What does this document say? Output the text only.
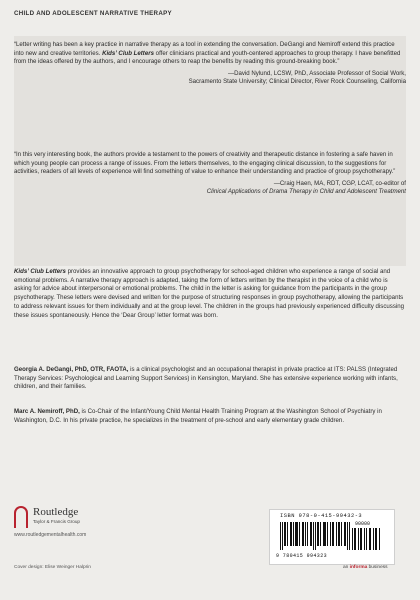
CHILD AND ADOLESCENT NARRATIVE THERAPY

“Letter writing has been a key practice in narrative therapy as a tool in extending the conversation. DeGangi and Nemiroff extend this practice into new and creative territories. Kids’ Club Letters offer clinicians practical and youth-centered approaches to group therapy. I have benefitted from the ideas offered by the authors, and I encourage others to reap the benefits by reading this ground-breaking book.”

—David Nylund, LCSW, PhD, Associate Professor of Social Work,
Sacramento State University; Clinical Director, River Rock Counseling, California

“In this very interesting book, the authors provide a testament to the powers of creativity and therapeutic distance in fostering a safe haven in which young people can process a range of issues. From the letters themselves, to the engaging clinical discussion, to the suggestions for activities, readers of all levels of experience will find something of value to enhance their understanding and practice of group psychotherapy.”

—Craig Haen, MA, RDT, CGP, LCAT, co-editor of
Clinical Applications of Drama Therapy in Child and Adolescent Treatment
Kids’ Club Letters provides an innovative approach to group psychotherapy for school-aged children who experience a range of social and emotional problems. A narrative therapy approach is adapted, taking the form of letters written by the therapist in the voice of a child who is asking for advice about interpersonal or emotional problems. The child in the letter is asking for guidance from the participants in the group psychotherapy. These letters were devised and written for the purpose of structuring responses in group psychotherapy, allowing the participants to address relevant issues for them individually and at the group level. The children in the groups had previously experienced difficulty discussing these issues spontaneously. Hence the ‘Dear Group’ letter format was born.
Georgia A. DeGangi, PhD, OTR, FAOTA, is a clinical psychologist and an occupational therapist in private practice at ITS: PALSS (Integrated Therapy Services: Psychological and Learning Support Services) in Kensington, Maryland. She has extensive experience working with infants, children, and their families.
Marc A. Nemiroff, PhD, is Co-Chair of the Infant/Young Child Mental Health Training Program at the Washington School of Psychiatry in Washington, D.C. In his private practice, he specializes in the treatment of pre-school and early elementary grade children.
Routledge
Taylor & Francis Group
www.routledgementalhealth.com
ISBN 978-0-415-99432-3
90000
9 780415 994323
Cover design: Elise Weinger Halprin	an informa business
